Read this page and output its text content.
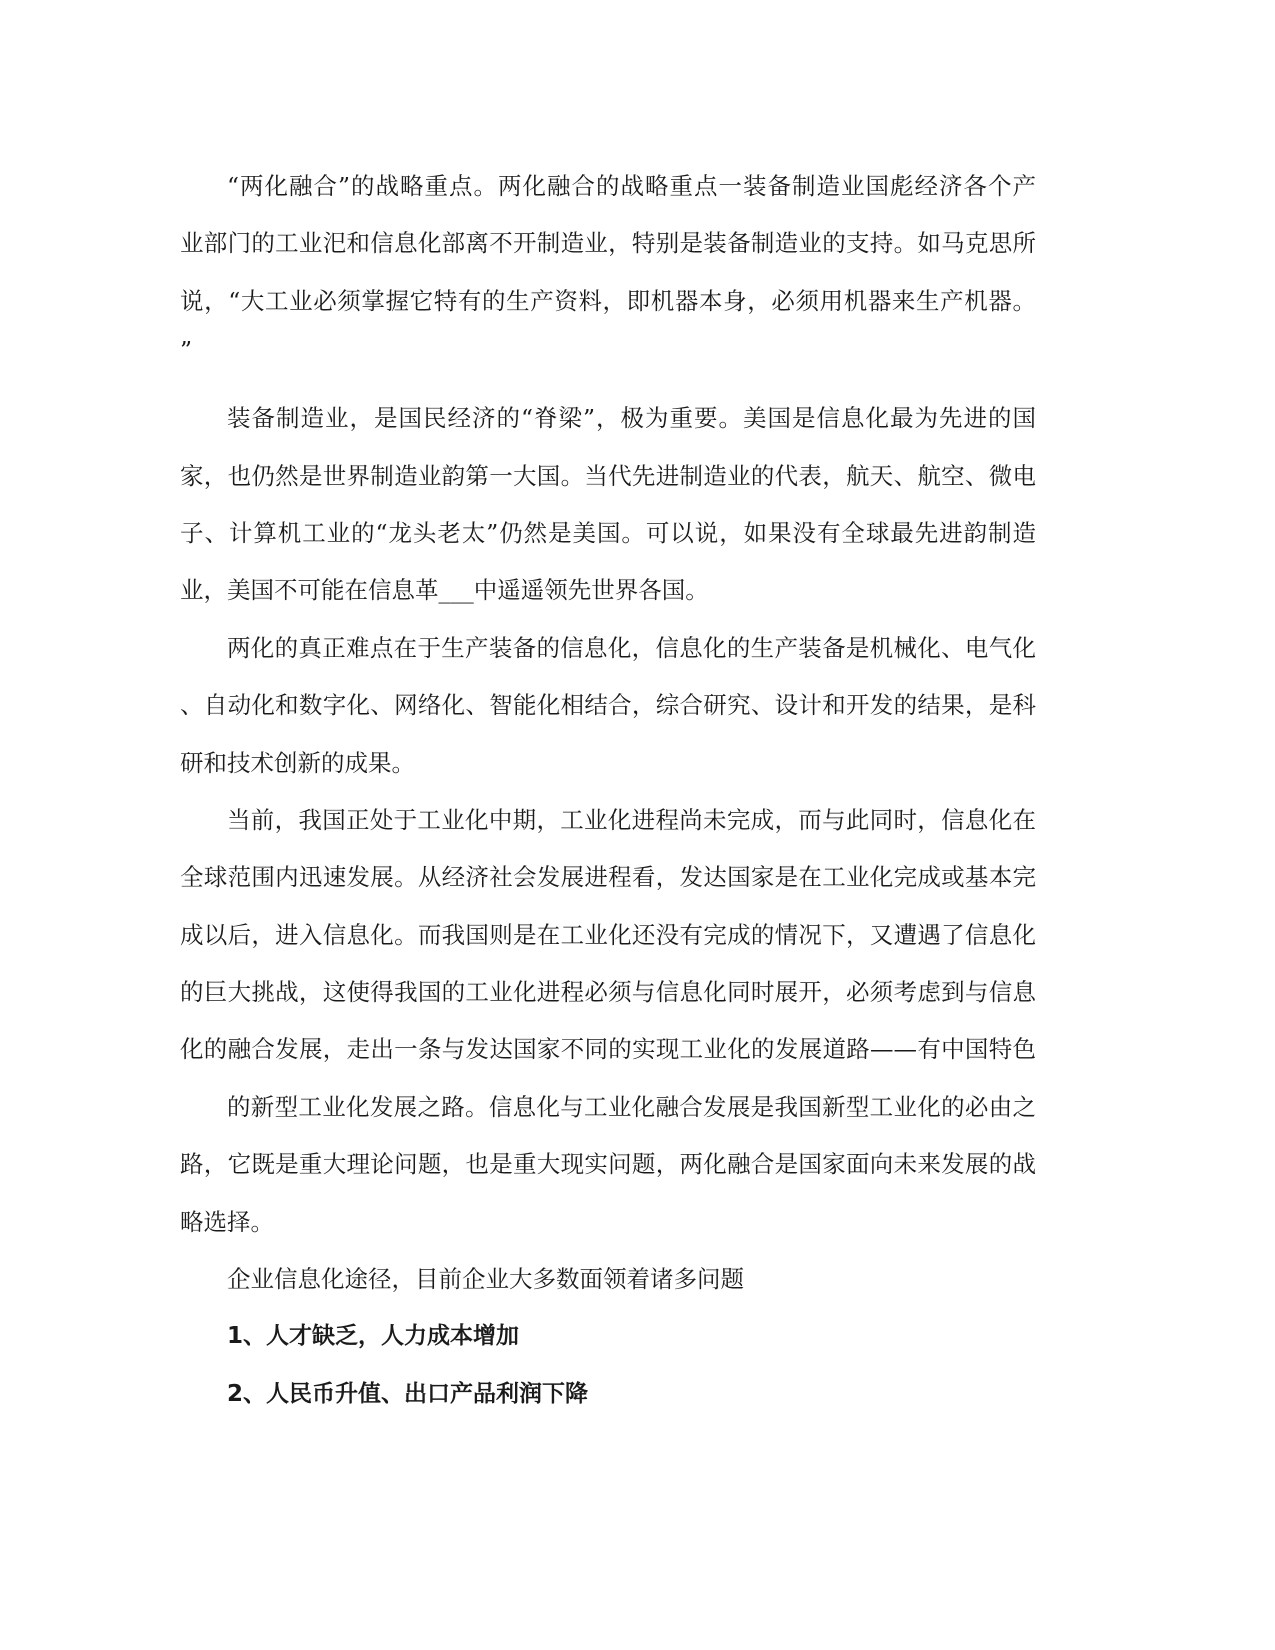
“两化融合”的战略重点。两化融合的战略重点一装备制造业国彪经济各个产
业部门的工业汜和信息化部离不开制造业，特别是装备制造业的支持。如马克思所
说，“大工业必须掌握它特有的生产资料，即机器本身，必须用机器来生产机器。
”
装备制造业，是国民经济的“脊梁”，极为重要。美国是信息化最为先进的国
家，也仍然是世界制造业韵第一大国。当代先进制造业的代表，航天、航空、微电
子、计算机工业的“龙头老太”仍然是美国。可以说，如果没有全球最先进韵制造
业，美国不可能在信息革___中遥遥领先世界各国。
两化的真正难点在于生产装备的信息化，信息化的生产装备是机械化、电气化
、自动化和数字化、网络化、智能化相结合，综合研究、设计和开发的结果，是科
研和技术创新的成果。
当前，我国正处于工业化中期，工业化进程尚未完成，而与此同时，信息化在
全球范围内迅速发展。从经济社会发展进程看，发达国家是在工业化完成或基本完
成以后，进入信息化。而我国则是在工业化还没有完成的情况下，又遭遇了信息化
的巨大挑战，这使得我国的工业化进程必须与信息化同时展开，必须考虑到与信息
化的融合发展，走出一条与发达国家不同的实现工业化的发展道路——有中国特色
的新型工业化发展之路。信息化与工业化融合发展是我国新型工业化的必由之
路，它既是重大理论问题，也是重大现实问题，两化融合是国家面向未来发展的战
略选择。
企业信息化途径，目前企业大多数面领着诸多问题
1、人才缺乏，人力成本增加
2、人民币升值、出口产品利润下降
